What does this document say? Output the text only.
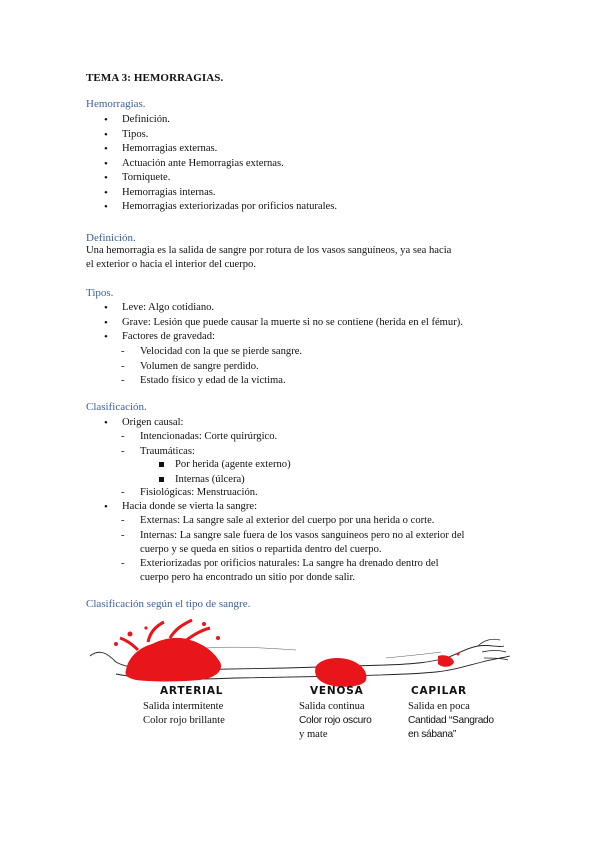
TEMA 3: HEMORRAGIAS.
Hemorragias.
• Definición.
• Tipos.
• Hemorragias externas.
• Actuación ante Hemorragias externas.
• Torniquete.
• Hemorragias internas.
• Hemorragias exteriorizadas por orificios naturales.
Definición.
Una hemorragia es la salida de sangre por rotura de los vasos sanguíneos, ya sea hacia
el exterior o hacia el interior del cuerpo.
Tipos.
• Leve: Algo cotidiano.
• Grave: Lesión que puede causar la muerte si no se contiene (herida en el fémur).
• Factores de gravedad:
- Velocidad con la que se pierde sangre.
- Volumen de sangre perdido.
- Estado físico y edad de la víctima.
Clasificación.
• Origen causal:
- Intencionadas: Corte quirúrgico.
- Traumáticas:
Por herida (agente externo)
Internas (úlcera)
- Fisiológicas: Menstruación.
• Hacia donde se vierta la sangre:
- Externas: La sangre sale al exterior del cuerpo por una herida o corte.
- Internas: La sangre sale fuera de los vasos sanguíneos pero no al exterior del
cuerpo y se queda en sitios o repartida dentro del cuerpo.
- Exteriorizadas por orificios naturales: La sangre ha drenado dentro del
cuerpo pero ha encontrado un sitio por donde salir.
Clasificación según el tipo de sangre.
ARTERIAL	VENOSA	CAPILAR
Salida intermitente
Color rojo brillante
Salida continua
Color rojo oscuro
y mate
Salida en poca
Cantidad “Sangrado
en sábana”
